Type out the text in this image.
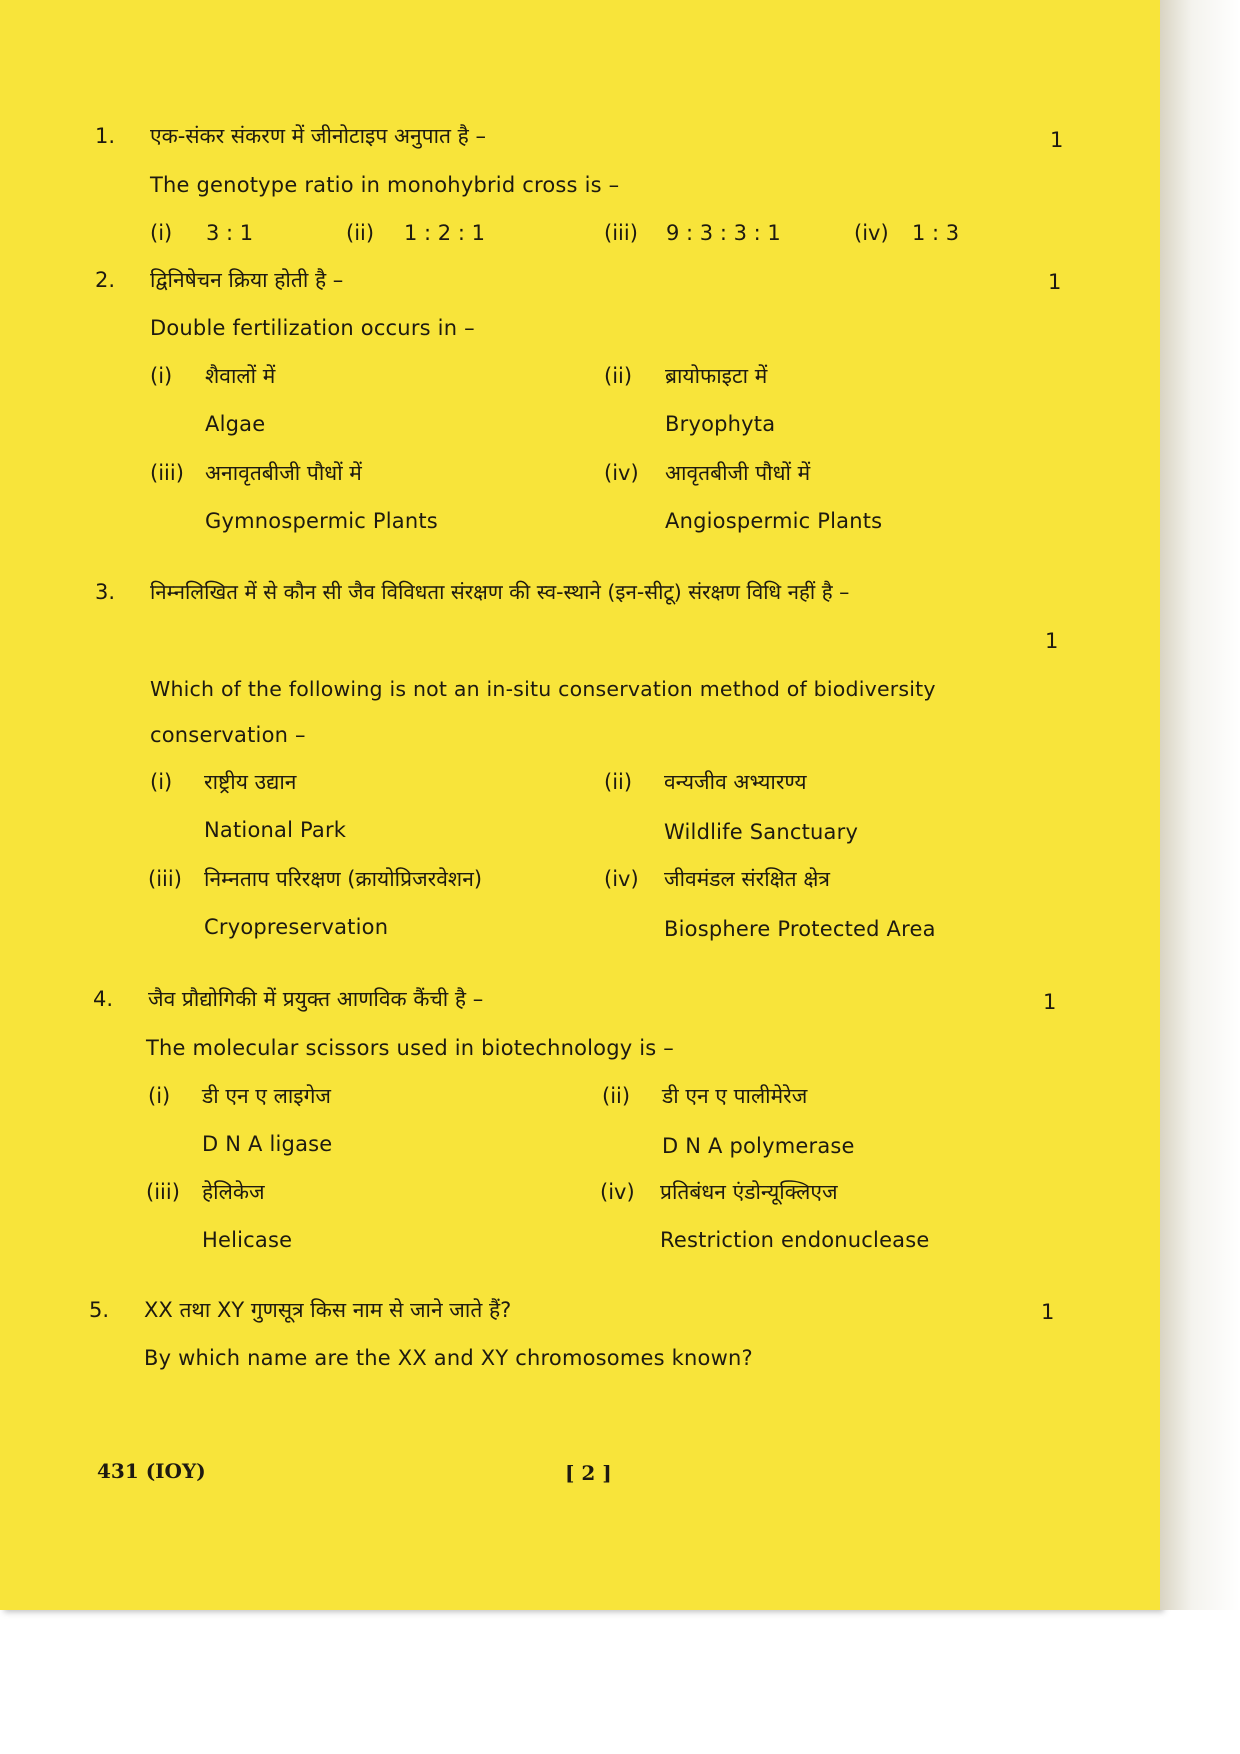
1. एक-संकर संकरण में जीनोटाइप अनुपात है –	1
The genotype ratio in monohybrid cross is –
(i) 3 : 1	(ii) 1 : 2 : 1	(iii) 9 : 3 : 3 : 1	(iv) 1 : 3
2. द्विनिषेचन क्रिया होती है –	1
Double fertilization occurs in –
(i) शैवालों में
Algae
(ii) ब्रायोफाइटा में
Bryophyta
(iii) अनावृतबीजी पौधों में
Gymnospermic Plants
(iv) आवृतबीजी पौधों में
Angiospermic Plants
3. निम्नलिखित में से कौन सी जैव विविधता संरक्षण की स्व-स्थाने (इन-सीटू) संरक्षण विधि नहीं है –
1
Which of the following is not an in-situ conservation method of biodiversity
conservation –
(i) राष्ट्रीय उद्यान
National Park
(ii) वन्यजीव अभ्यारण्य
Wildlife Sanctuary
(iii) निम्नताप परिरक्षण (क्रायोप्रिजरवेशन)
Cryopreservation
(iv) जीवमंडल संरक्षित क्षेत्र
Biosphere Protected Area
4. जैव प्रौद्योगिकी में प्रयुक्त आणविक कैंची है –	1
The molecular scissors used in biotechnology is –
(i) डी एन ए लाइगेज
D N A ligase
(ii) डी एन ए पालीमेरेज
D N A polymerase
(iii) हेलिकेज
Helicase
(iv) प्रतिबंधन एंडोन्यूक्लिएज
Restriction endonuclease
5. XX तथा XY गुणसूत्र किस नाम से जाने जाते हैं?	1
By which name are the XX and XY chromosomes known?
431 (IOY)	[ 2 ]
